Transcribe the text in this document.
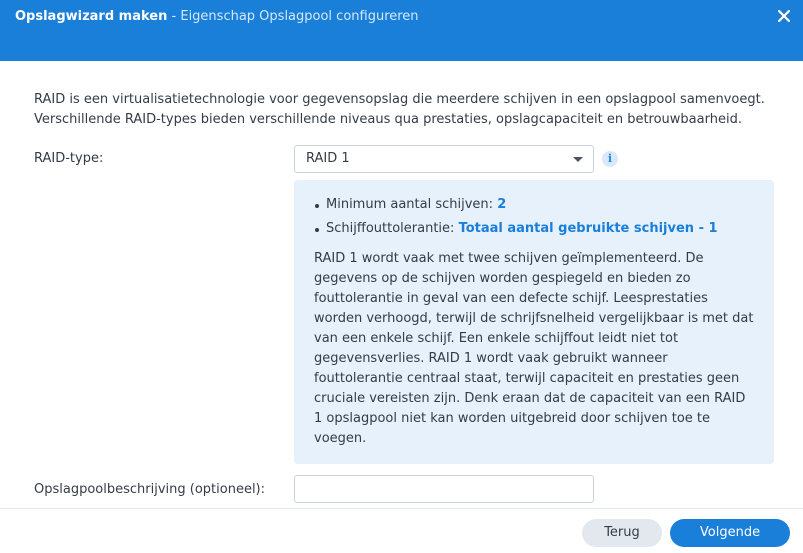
Opslagwizard maken - Eigenschap Opslagpool configureren
RAID is een virtualisatietechnologie voor gegevensopslag die meerdere schijven in een opslagpool samenvoegt. Verschillende RAID-types bieden verschillende niveaus qua prestaties, opslagcapaciteit en betrouwbaarheid.
RAID-type:	RAID 1	i
Minimum aantal schijven: 2
Schijffouttolerantie: Totaal aantal gebruikte schijven - 1
RAID 1 wordt vaak met twee schijven geïmplementeerd. De gegevens op de schijven worden gespiegeld en bieden zo fouttolerantie in geval van een defecte schijf. Leesprestaties worden verhoogd, terwijl de schrijfsnelheid vergelijkbaar is met dat van een enkele schijf. Een enkele schijffout leidt niet tot gegevensverlies. RAID 1 wordt vaak gebruikt wanneer fouttolerantie centraal staat, terwijl capaciteit en prestaties geen cruciale vereisten zijn. Denk eraan dat de capaciteit van een RAID 1 opslagpool niet kan worden uitgebreid door schijven toe te voegen.
Opslagpoolbeschrijving (optioneel):
Terug	Volgende
